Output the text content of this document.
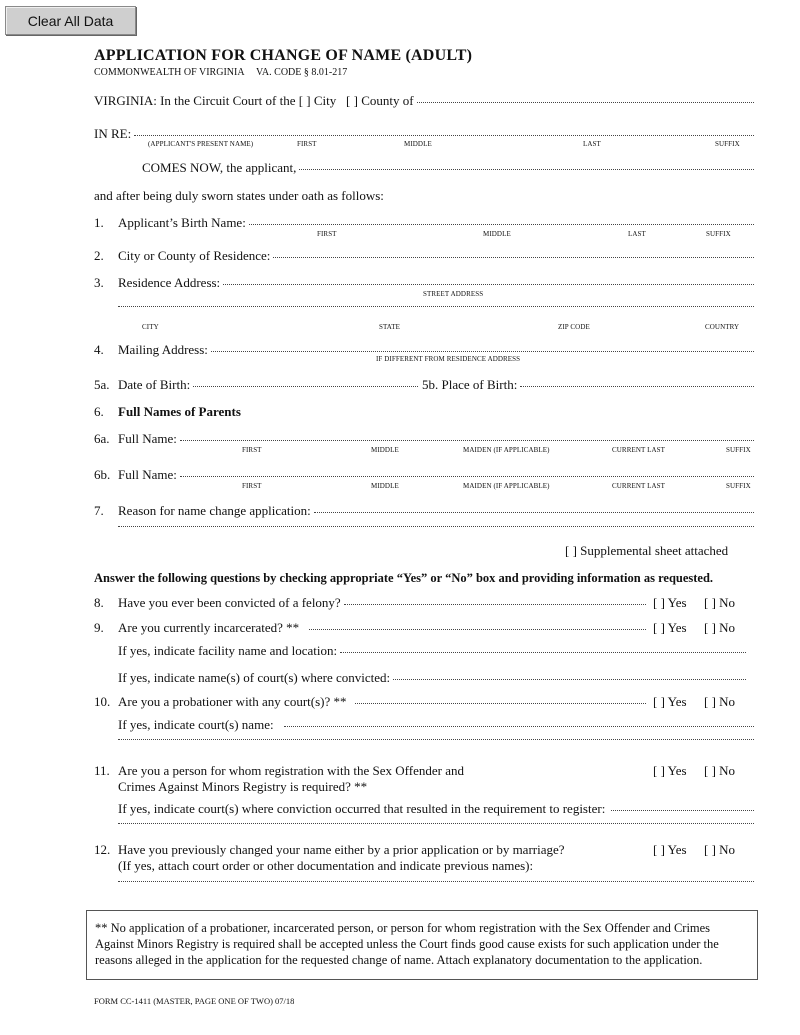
Clear All Data
APPLICATION FOR CHANGE OF NAME (ADULT)
COMMONWEALTH OF VIRGINIA VA. CODE § 8.01-217
VIRGINIA: In the Circuit Court of the
[ ]
City
[ ]
County of
IN RE:
(APPLICANT'S PRESENT NAME)	FIRST	MIDDLE	LAST	SUFFIX
COMES NOW, the applicant,
and after being duly sworn states under oath as follows:
1.	Applicant’s Birth Name:
FIRST	MIDDLE	LAST	SUFFIX
2.	City or County of Residence:
3.	Residence Address:
STREET ADDRESS
CITY	STATE	ZIP CODE	COUNTRY
4.	Mailing Address:
IF DIFFERENT FROM RESIDENCE ADDRESS
5a. Date of Birth:	5b. Place of Birth:
6.	Full Names of Parents
6a. Full Name:
FIRST	MIDDLE	MAIDEN (IF APPLICABLE)	CURRENT LAST	SUFFIX
6b. Full Name:
FIRST	MIDDLE	MAIDEN (IF APPLICABLE)	CURRENT LAST	SUFFIX
7.	Reason for name change application:
[ ] Supplemental sheet attached
Answer the following questions by checking appropriate “Yes” or “No” box and providing information as requested.
8.	Have you ever been convicted of a felony?	[ ] Yes [ ] No
9.	Are you currently incarcerated? **	[ ] Yes [ ] No
If yes, indicate facility name and location:
If yes, indicate name(s) of court(s) where convicted:
10. Are you a probationer with any court(s)? **	[ ] Yes [ ] No
If yes, indicate court(s) name:
11. Are you a person for whom registration with the Sex Offender and
Crimes Against Minors Registry is required? **
[ ] Yes [ ] No
If yes, indicate court(s) where conviction occurred that resulted in the requirement to register:
12. Have you previously changed your name either by a prior application or by marriage?
(If yes, attach court order or other documentation and indicate previous names):
[ ] Yes [ ] No
** No application of a probationer, incarcerated person, or person for whom registration with the Sex Offender and Crimes Against Minors Registry is required shall be accepted unless the Court finds good cause exists for such application under the reasons alleged in the application for the requested change of name. Attach explanatory documentation to the application.
FORM CC-1411 (MASTER, PAGE ONE OF TWO) 07/18
